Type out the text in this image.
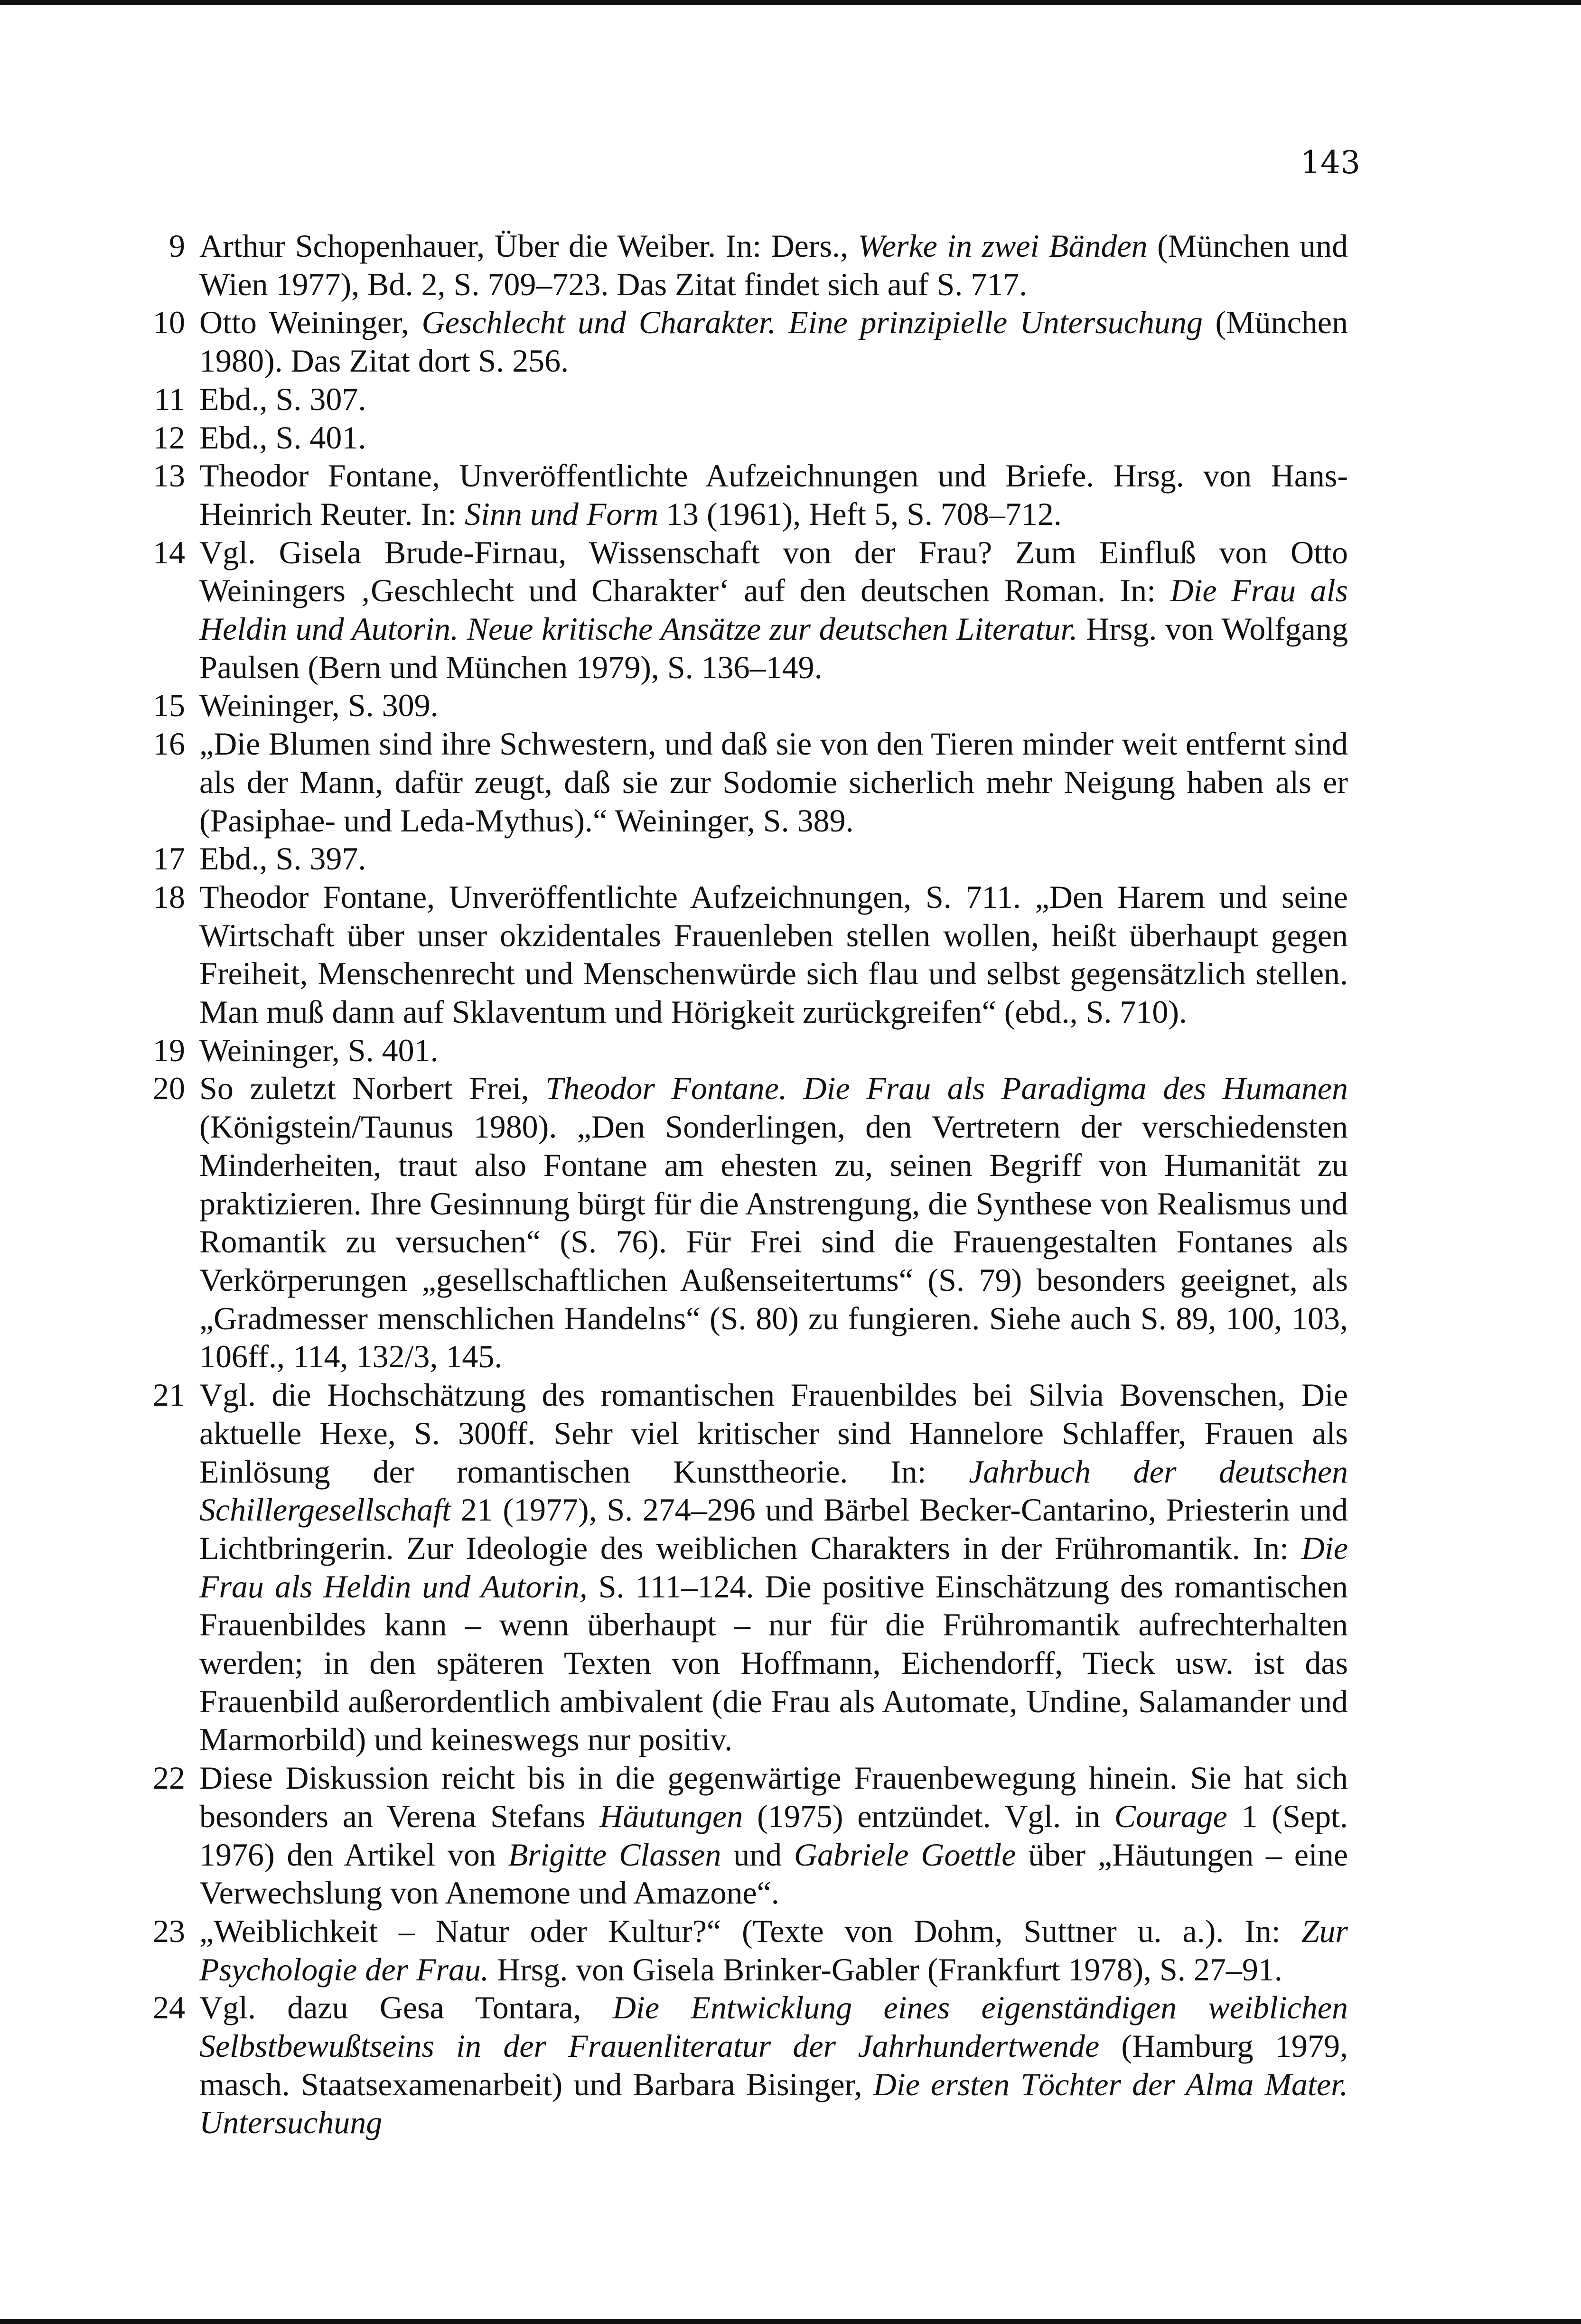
143
9 Arthur Schopenhauer, Über die Weiber. In: Ders., Werke in zwei Bänden (München und Wien 1977), Bd. 2, S. 709–723. Das Zitat findet sich auf S. 717.
10 Otto Weininger, Geschlecht und Charakter. Eine prinzipielle Untersuchung (München 1980). Das Zitat dort S. 256.
11 Ebd., S. 307.
12 Ebd., S. 401.
13 Theodor Fontane, Unveröffentlichte Aufzeichnungen und Briefe. Hrsg. von Hans-Heinrich Reuter. In: Sinn und Form 13 (1961), Heft 5, S. 708–712.
14 Vgl. Gisela Brude-Firnau, Wissenschaft von der Frau? Zum Einfluß von Otto Weiningers ‚Geschlecht und Charakter‘ auf den deutschen Roman. In: Die Frau als Heldin und Autorin. Neue kritische Ansätze zur deutschen Literatur. Hrsg. von Wolfgang Paulsen (Bern und München 1979), S. 136–149.
15 Weininger, S. 309.
16 „Die Blumen sind ihre Schwestern, und daß sie von den Tieren minder weit entfernt sind als der Mann, dafür zeugt, daß sie zur Sodomie sicherlich mehr Neigung haben als er (Pasiphae- und Leda-Mythus).“ Weininger, S. 389.
17 Ebd., S. 397.
18 Theodor Fontane, Unveröffentlichte Aufzeichnungen, S. 711. „Den Harem und seine Wirtschaft über unser okzidentales Frauenleben stellen wollen, heißt überhaupt gegen Freiheit, Menschenrecht und Menschenwürde sich flau und selbst gegensätzlich stellen. Man muß dann auf Sklaventum und Hörigkeit zurückgreifen“ (ebd., S. 710).
19 Weininger, S. 401.
20 So zuletzt Norbert Frei, Theodor Fontane. Die Frau als Paradigma des Humanen (Königstein/Taunus 1980). „Den Sonderlingen, den Vertretern der verschiedensten Minderheiten, traut also Fontane am ehesten zu, seinen Begriff von Humanität zu praktizieren. Ihre Gesinnung bürgt für die Anstrengung, die Synthese von Realismus und Romantik zu versuchen“ (S. 76). Für Frei sind die Frauengestalten Fontanes als Verkörperungen „gesellschaftlichen Außenseitertums“ (S. 79) besonders geeignet, als „Gradmesser menschlichen Handelns“ (S. 80) zu fungieren. Siehe auch S. 89, 100, 103, 106ff., 114, 132/3, 145.
21 Vgl. die Hochschätzung des romantischen Frauenbildes bei Silvia Bovenschen, Die aktuelle Hexe, S. 300ff. Sehr viel kritischer sind Hannelore Schlaffer, Frauen als Einlösung der romantischen Kunsttheorie. In: Jahrbuch der deutschen Schillergesellschaft 21 (1977), S. 274–296 und Bärbel Becker-Cantarino, Priesterin und Lichtbringerin. Zur Ideologie des weiblichen Charakters in der Frühromantik. In: Die Frau als Heldin und Autorin, S. 111–124. Die positive Einschätzung des romantischen Frauenbildes kann – wenn überhaupt – nur für die Frühromantik aufrechterhalten werden; in den späteren Texten von Hoffmann, Eichendorff, Tieck usw. ist das Frauenbild außerordentlich ambivalent (die Frau als Automate, Undine, Salamander und Marmorbild) und keineswegs nur positiv.
22 Diese Diskussion reicht bis in die gegenwärtige Frauenbewegung hinein. Sie hat sich besonders an Verena Stefans Häutungen (1975) entzündet. Vgl. in Courage 1 (Sept. 1976) den Artikel von Brigitte Classen und Gabriele Goettle über „Häutungen – eine Verwechslung von Anemone und Amazone“.
23 „Weiblichkeit – Natur oder Kultur?“ (Texte von Dohm, Suttner u. a.). In: Zur Psychologie der Frau. Hrsg. von Gisela Brinker-Gabler (Frankfurt 1978), S. 27–91.
24 Vgl. dazu Gesa Tontara, Die Entwicklung eines eigenständigen weiblichen Selbstbewußtseins in der Frauenliteratur der Jahrhundertwende (Hamburg 1979, masch. Staatsexamenarbeit) und Barbara Bisinger, Die ersten Töchter der Alma Mater. Untersuchung
